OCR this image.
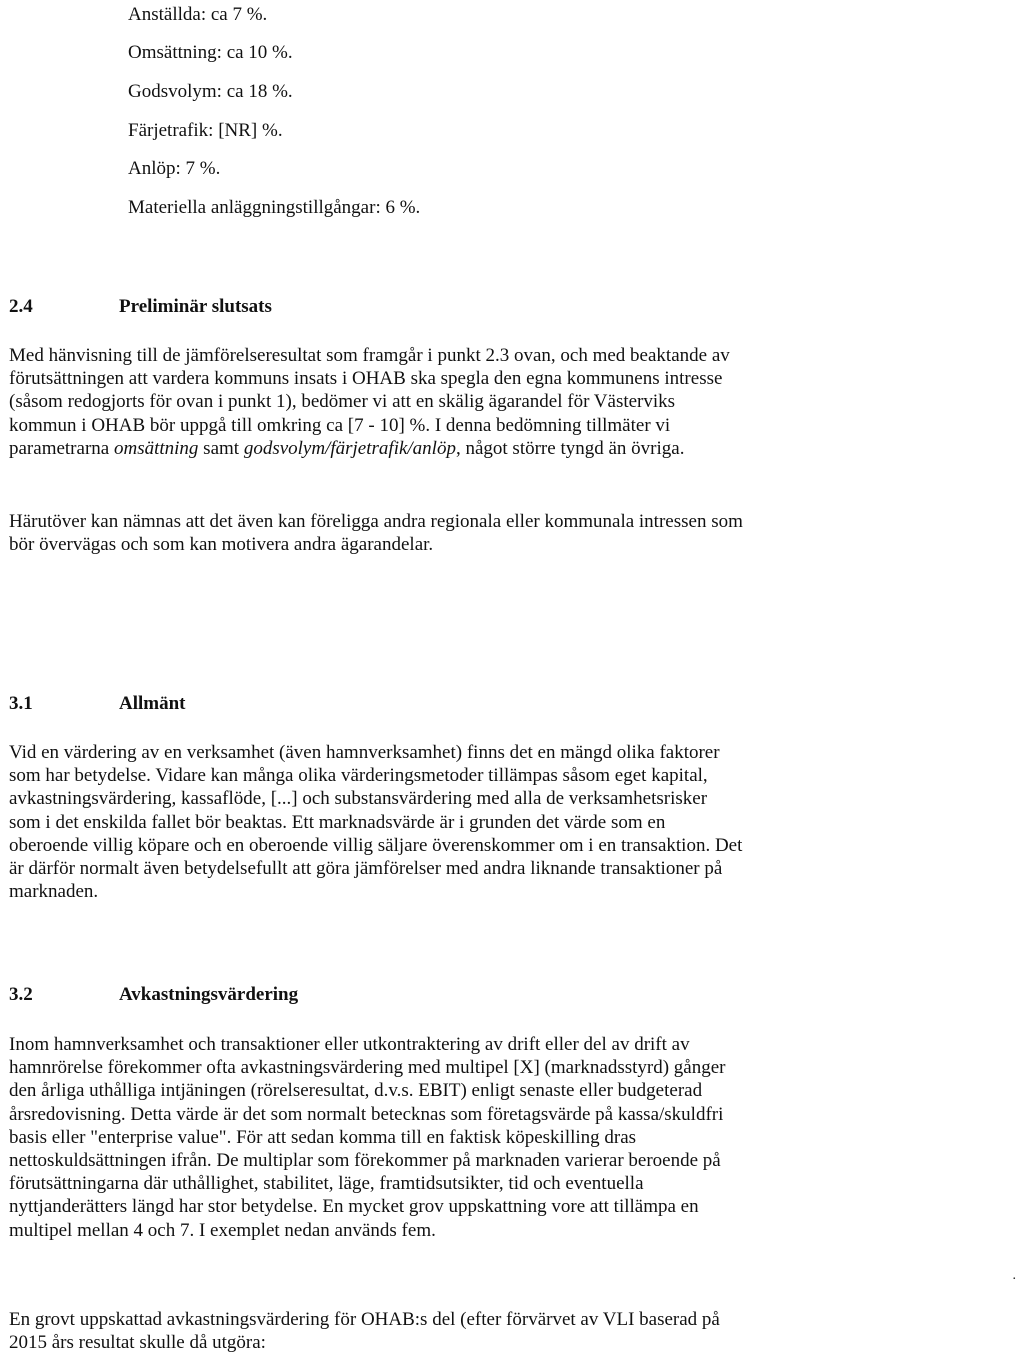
Anställda: ca 7 %.
Omsättning: ca 10 %.
Godsvolym: ca 18 %.
Färjetrafik: [NR] %.
Anlöp: 7 %.
Materiella anläggningstillgångar: 6 %.
2.4	Preliminär slutsats
Med hänvisning till de jämförelseresultat som framgår i punkt 2.3 ovan, och med beaktande av
förutsättningen att vardera kommuns insats i OHAB ska spegla den egna kommunens intresse
(såsom redogjorts för ovan i punkt 1), bedömer vi att en skälig ägarandel för Västerviks
kommun i OHAB bör uppgå till omkring ca [7 - 10] %. I denna bedömning tillmäter vi
parametrarna omsättning samt godsvolym/färjetrafik/anlöp, något större tyngd än övriga.
Härutöver kan nämnas att det även kan föreligga andra regionala eller kommunala intressen som
bör övervägas och som kan motivera andra ägarandelar.
3.1	Allmänt
Vid en värdering av en verksamhet (även hamnverksamhet) finns det en mängd olika faktorer
som har betydelse. Vidare kan många olika värderingsmetoder tillämpas såsom eget kapital,
avkastningsvärdering, kassaflöde, [...] och substansvärdering med alla de verksamhetsrisker
som i det enskilda fallet bör beaktas. Ett marknadsvärde är i grunden det värde som en
oberoende villig köpare och en oberoende villig säljare överenskommer om i en transaktion. Det
är därför normalt även betydelsefullt att göra jämförelser med andra liknande transaktioner på
marknaden.
3.2	Avkastningsvärdering
Inom hamnverksamhet och transaktioner eller utkontraktering av drift eller del av drift av
hamnrörelse förekommer ofta avkastningsvärdering med multipel [X] (marknadsstyrd) gånger
den årliga uthålliga intjäningen (rörelseresultat, d.v.s. EBIT) enligt senaste eller budgeterad
årsredovisning. Detta värde är det som normalt betecknas som företagsvärde på kassa/skuldfri
basis eller "enterprise value". För att sedan komma till en faktisk köpeskilling dras
nettoskuldsättningen ifrån. De multiplar som förekommer på marknaden varierar beroende på
förutsättningarna där uthållighet, stabilitet, läge, framtidsutsikter, tid och eventuella
nyttjanderätters längd har stor betydelse. En mycket grov uppskattning vore att tillämpa en
multipel mellan 4 och 7. I exemplet nedan används fem.
En grovt uppskattad avkastningsvärdering för OHAB:s del (efter förvärvet av VLI baserad på
2015 års resultat skulle då utgöra:
.
